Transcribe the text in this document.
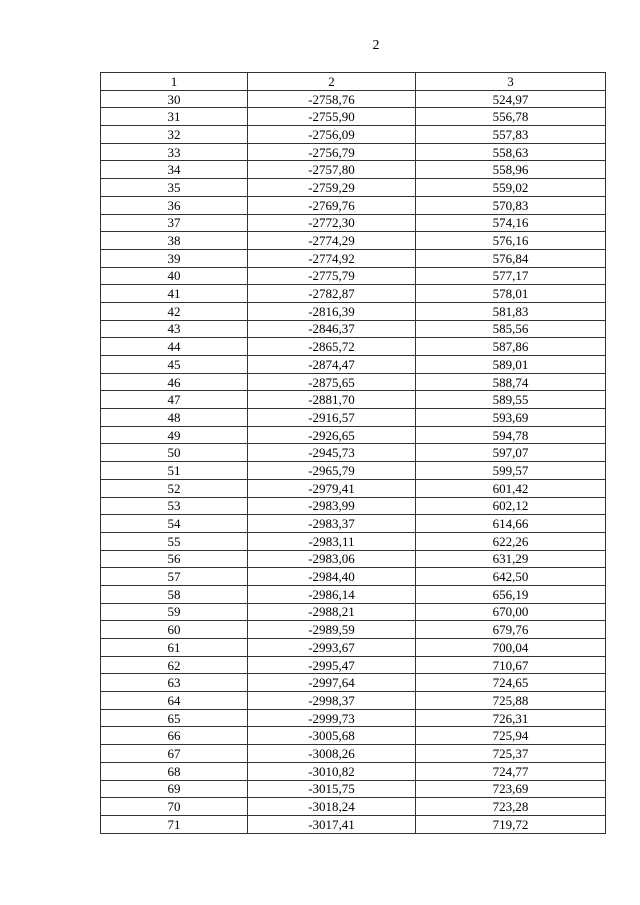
2
1	2	3
30	-2758,76	524,97
31	-2755,90	556,78
32	-2756,09	557,83
33	-2756,79	558,63
34	-2757,80	558,96
35	-2759,29	559,02
36	-2769,76	570,83
37	-2772,30	574,16
38	-2774,29	576,16
39	-2774,92	576,84
40	-2775,79	577,17
41	-2782,87	578,01
42	-2816,39	581,83
43	-2846,37	585,56
44	-2865,72	587,86
45	-2874,47	589,01
46	-2875,65	588,74
47	-2881,70	589,55
48	-2916,57	593,69
49	-2926,65	594,78
50	-2945,73	597,07
51	-2965,79	599,57
52	-2979,41	601,42
53	-2983,99	602,12
54	-2983,37	614,66
55	-2983,11	622,26
56	-2983,06	631,29
57	-2984,40	642,50
58	-2986,14	656,19
59	-2988,21	670,00
60	-2989,59	679,76
61	-2993,67	700,04
62	-2995,47	710,67
63	-2997,64	724,65
64	-2998,37	725,88
65	-2999,73	726,31
66	-3005,68	725,94
67	-3008,26	725,37
68	-3010,82	724,77
69	-3015,75	723,69
70	-3018,24	723,28
71	-3017,41	719,72
